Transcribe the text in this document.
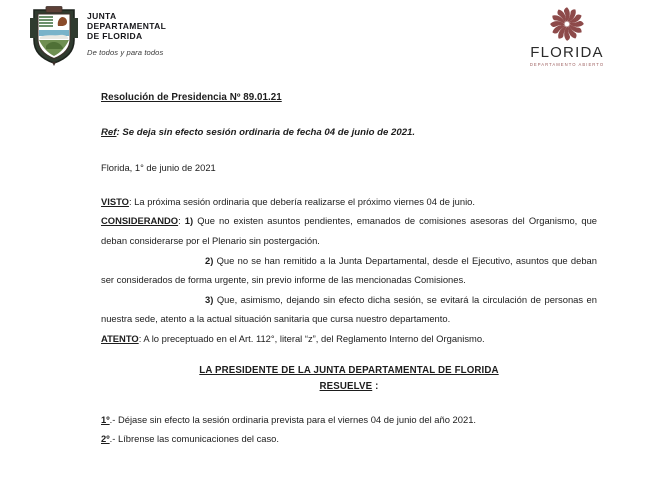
JUNTA
DEPARTAMENTAL
DE FLORIDA
De todos y para todos	FLORIDA
DEPARTAMENTO ABIERTO

Resolución de Presidencia Nº 89.01.21

Ref: Se deja sin efecto sesión ordinaria de fecha 04 de junio de 2021.

Florida, 1° de junio de 2021

VISTO: La próxima sesión ordinaria que debería realizarse el próximo viernes 04 de junio.

CONSIDERANDO: 1) Que no existen asuntos pendientes, emanados de comisiones asesoras del Organismo, que deban considerarse por el Plenario sin postergación.

2) Que no se han remitido a la Junta Departamental, desde el Ejecutivo, asuntos que deban ser considerados de forma urgente, sin previo informe de las mencionadas Comisiones.

3) Que, asimismo, dejando sin efecto dicha sesión, se evitará la circulación de personas en nuestra sede, atento a la actual situación sanitaria que cursa nuestro departamento.

ATENTO: A lo preceptuado en el Art. 112°, literal “z”, del Reglamento Interno del Organismo.

LA PRESIDENTE DE LA JUNTA DEPARTAMENTAL DE FLORIDA

RESUELVE :

1º.- Déjase sin efecto la sesión ordinaria prevista para el viernes 04 de junio del año 2021.

2º.- Líbrense las comunicaciones del caso.
